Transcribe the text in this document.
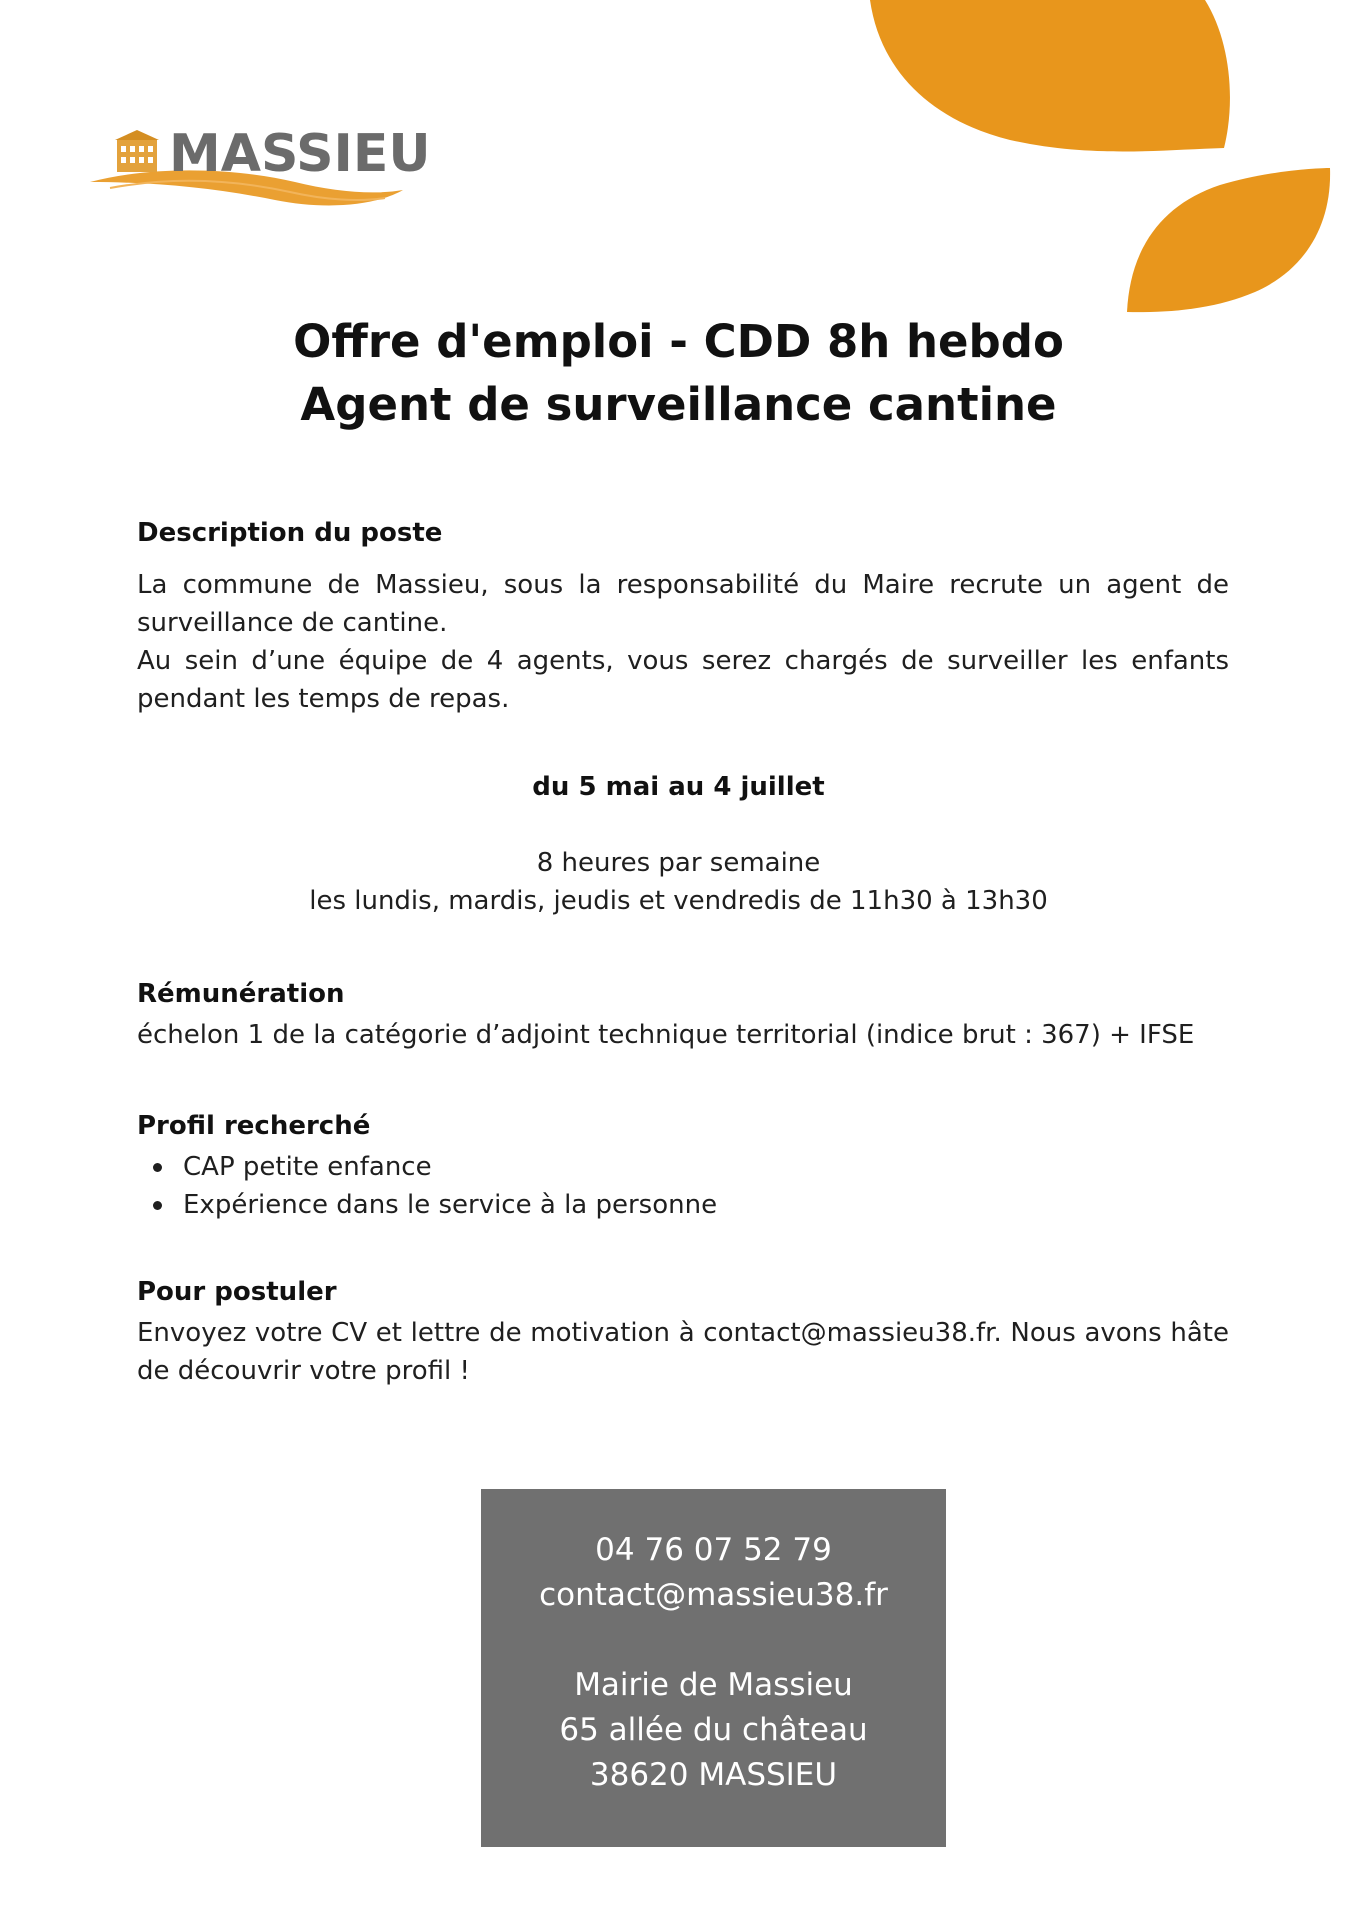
MASSIEU
Offre d'emploi - CDD 8h hebdo
Agent de surveillance cantine
Description du poste

La commune de Massieu, sous la responsabilité du Maire recrute un agent de surveillance de cantine.

Au sein d’une équipe de 4 agents, vous serez chargés de surveiller les enfants pendant les temps de repas.

du 5 mai au 4 juillet
8 heures par semaine
les lundis, mardis, jeudis et vendredis de 11h30 à 13h30
Rémunération

échelon 1 de la catégorie d’adjoint technique territorial (indice brut : 367) + IFSE

Profil recherché
CAP petite enfance
Expérience dans le service à la personne
Pour postuler

Envoyez votre CV et lettre de motivation à contact@massieu38.fr. Nous avons hâte de découvrir votre profil !

04 76 07 52 79
contact@massieu38.fr
Mairie de Massieu
65 allée du château
38620 MASSIEU
